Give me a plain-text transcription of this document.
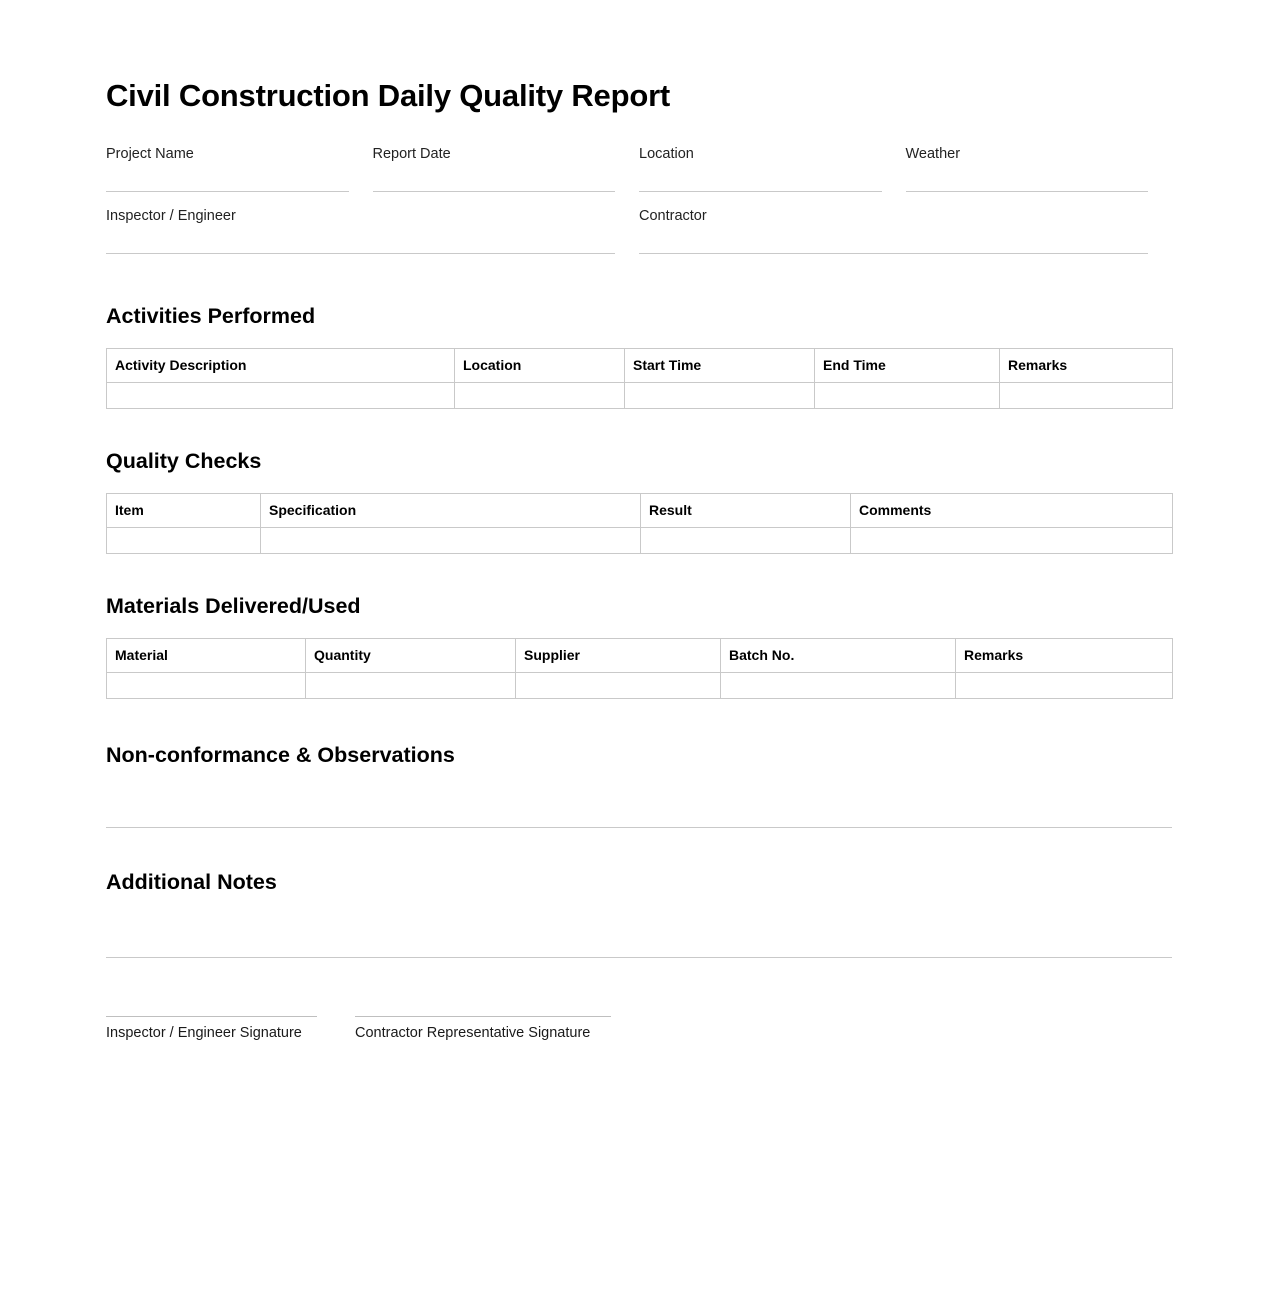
Civil Construction Daily Quality Report
Project Name	Report Date	Location	Weather
Inspector / Engineer	Contractor
Activities Performed
Activity Description	Location	Start Time	End Time	Remarks

Quality Checks
Item	Specification	Result	Comments

Materials Delivered/Used
Material	Quantity	Supplier	Batch No.	Remarks

Non-conformance & Observations
Additional Notes
Inspector / Engineer Signature	Contractor Representative Signature
